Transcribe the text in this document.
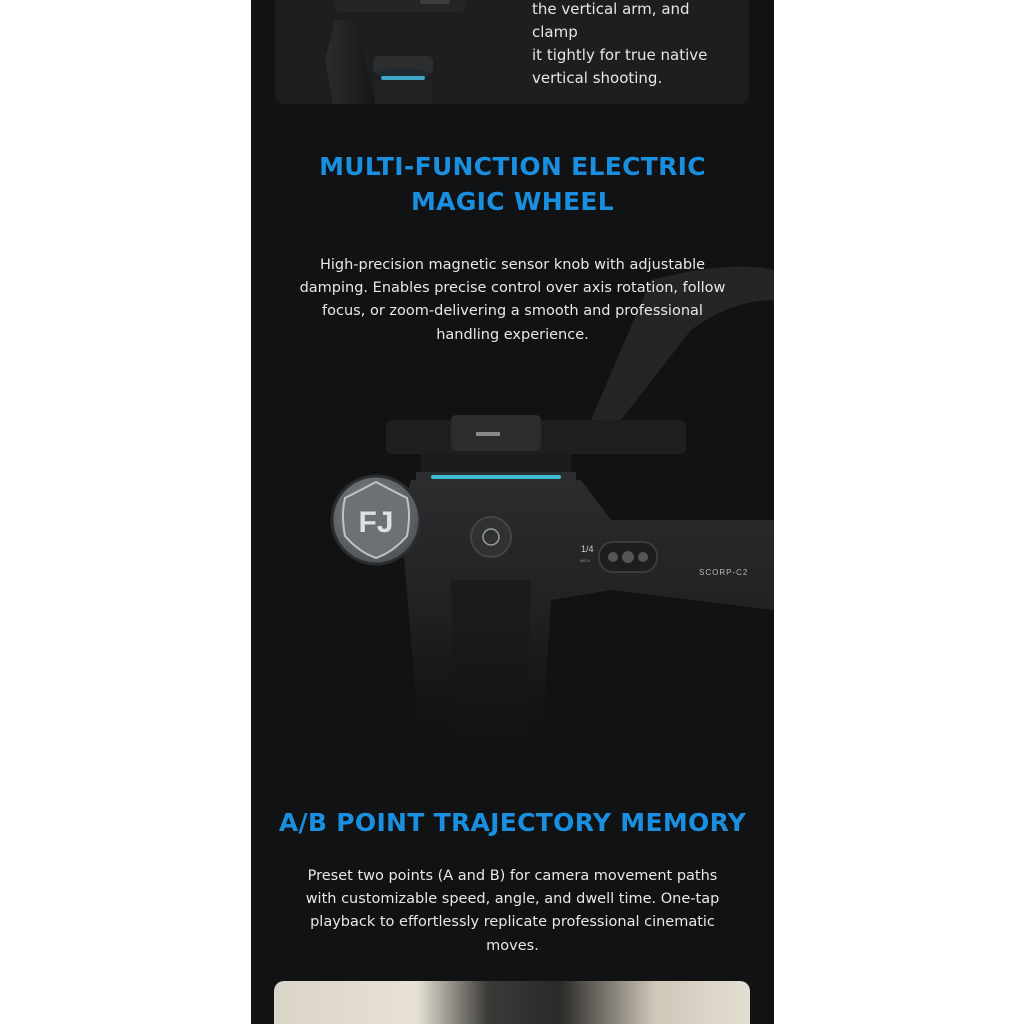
the vertical arm, and clamp
it tightly for true native
vertical shooting.
MULTI-FUNCTION ELECTRIC
MAGIC WHEEL
High-precision magnetic sensor knob with adjustable damping. Enables precise control over axis rotation, follow focus, or zoom-delivering a smooth and professional handling experience.
A/B POINT TRAJECTORY MEMORY
Preset two points (A and B) for camera movement paths with customizable speed, angle, and dwell time. One-tap playback to effortlessly replicate professional cinematic moves.
